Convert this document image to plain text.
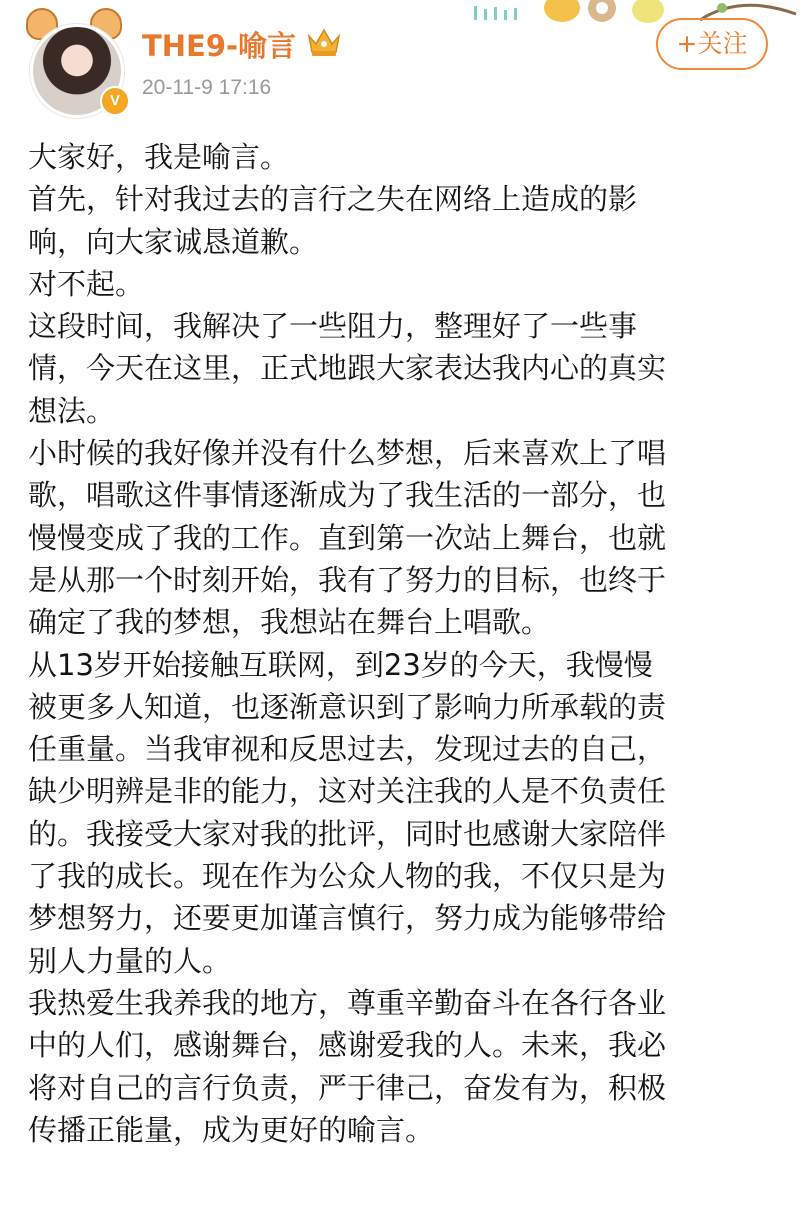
V
THE9-喻言
20-11-9 17:16
+关注

大家好，我是喻言。

首先，针对我过去的言行之失在网络上造成的影

响，向大家诚恳道歉。

对不起。

这段时间，我解决了一些阻力，整理好了一些事

情，今天在这里，正式地跟大家表达我内心的真实

想法。

小时候的我好像并没有什么梦想，后来喜欢上了唱

歌，唱歌这件事情逐渐成为了我生活的一部分，也

慢慢变成了我的工作。直到第一次站上舞台，也就

是从那一个时刻开始，我有了努力的目标，也终于

确定了我的梦想，我想站在舞台上唱歌。

从13岁开始接触互联网，到23岁的今天，我慢慢

被更多人知道，也逐渐意识到了影响力所承载的责

任重量。当我审视和反思过去，发现过去的自己，

缺少明辨是非的能力，这对关注我的人是不负责任

的。我接受大家对我的批评，同时也感谢大家陪伴

了我的成长。现在作为公众人物的我，不仅只是为

梦想努力，还要更加谨言慎行，努力成为能够带给

别人力量的人。

我热爱生我养我的地方，尊重辛勤奋斗在各行各业

中的人们，感谢舞台，感谢爱我的人。未来，我必

将对自己的言行负责，严于律己，奋发有为，积极

传播正能量，成为更好的喻言。
